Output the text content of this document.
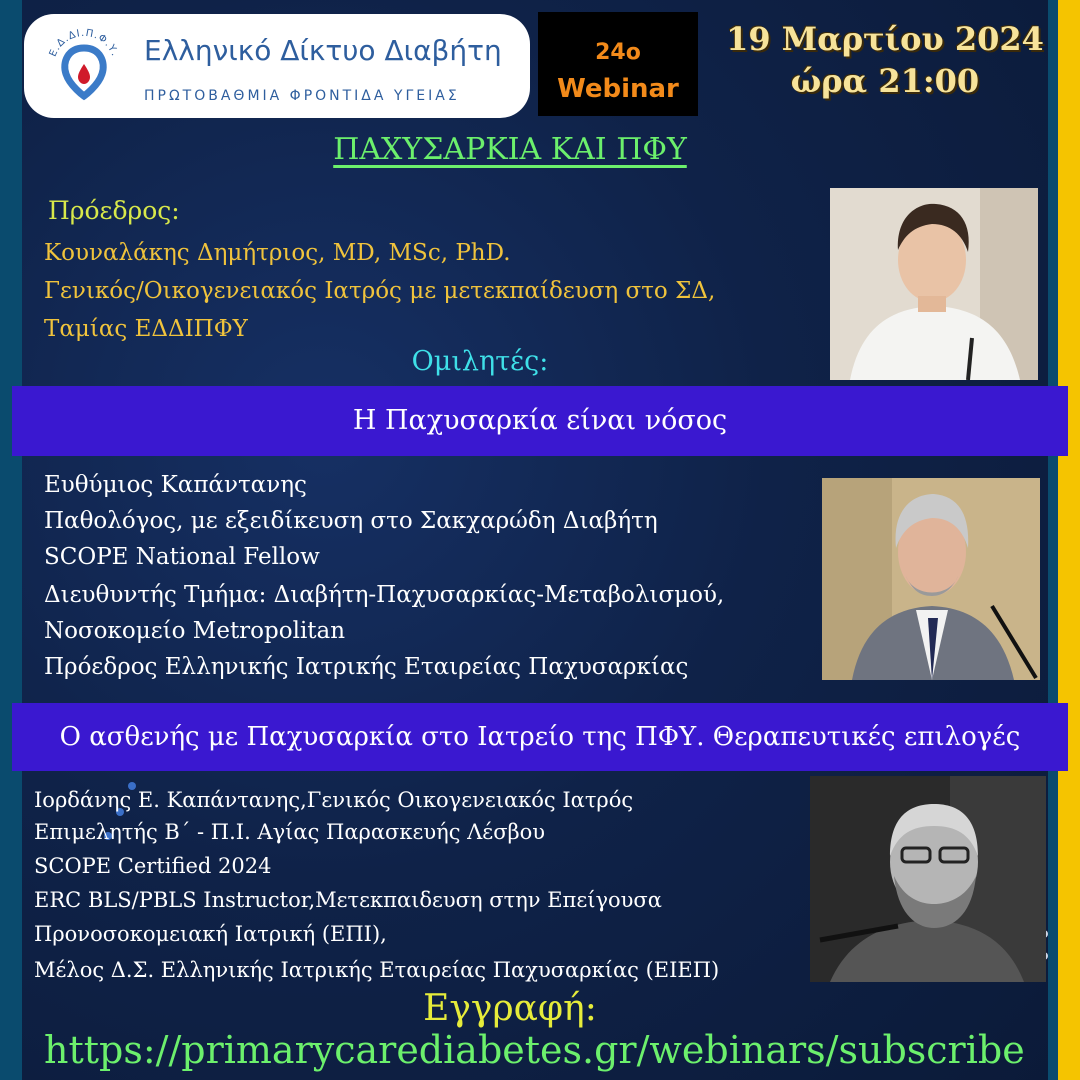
Ε.Δ.ΔΙ.Π.Φ.Υ. Ελληνικό Δίκτυο Διαβήτη
ΠΡΩΤΟΒΑΘΜΙΑ ΦΡΟΝΤΙΔΑ ΥΓΕΙΑΣ
24ο
Webinar
19 Μαρτίου 2024
ώρα 21:00
ΠΑΧΥΣΑΡΚΙΑ ΚΑΙ ΠΦΥ
Πρόεδρος:
Κουναλάκης Δημήτριος, MD, MSc, PhD.
Γενικός/Οικογενειακός Ιατρός με μετεκπαίδευση στο ΣΔ,
Ταμίας ΕΔΔΙΠΦΥ
Ομιλητές:
Η Παχυσαρκία είναι νόσος
Ευθύμιος Καπάντανης
Παθολόγος, με εξειδίκευση στο Σακχαρώδη Διαβήτη
SCOPE National Fellow
Διευθυντής Τμήμα: Διαβήτη-Παχυσαρκίας-Μεταβολισμού,
Νοσοκομείο Metropolitan
Πρόεδρος Ελληνικής Ιατρικής Εταιρείας Παχυσαρκίας
Ο ασθενής με Παχυσαρκία στο Ιατρείο της ΠΦΥ. Θεραπευτικές επιλογές
Ιορδάνης Ε. Καπάντανης,Γενικός Οικογενειακός Ιατρός
Επιμελητής Β΄ - Π.Ι. Αγίας Παρασκευής Λέσβου
SCOPE Certified 2024
ERC BLS/PBLS Instructor,Μετεκπαιδευση στην Επείγουσα
Προνοσοκομειακή Ιατρική (ΕΠΙ),
Μέλος Δ.Σ. Ελληνικής Ιατρικής Εταιρείας Παχυσαρκίας (ΕΙΕΠ)
Εγγραφή:
https://primarycarediabetes.gr/webinars/subscribe
